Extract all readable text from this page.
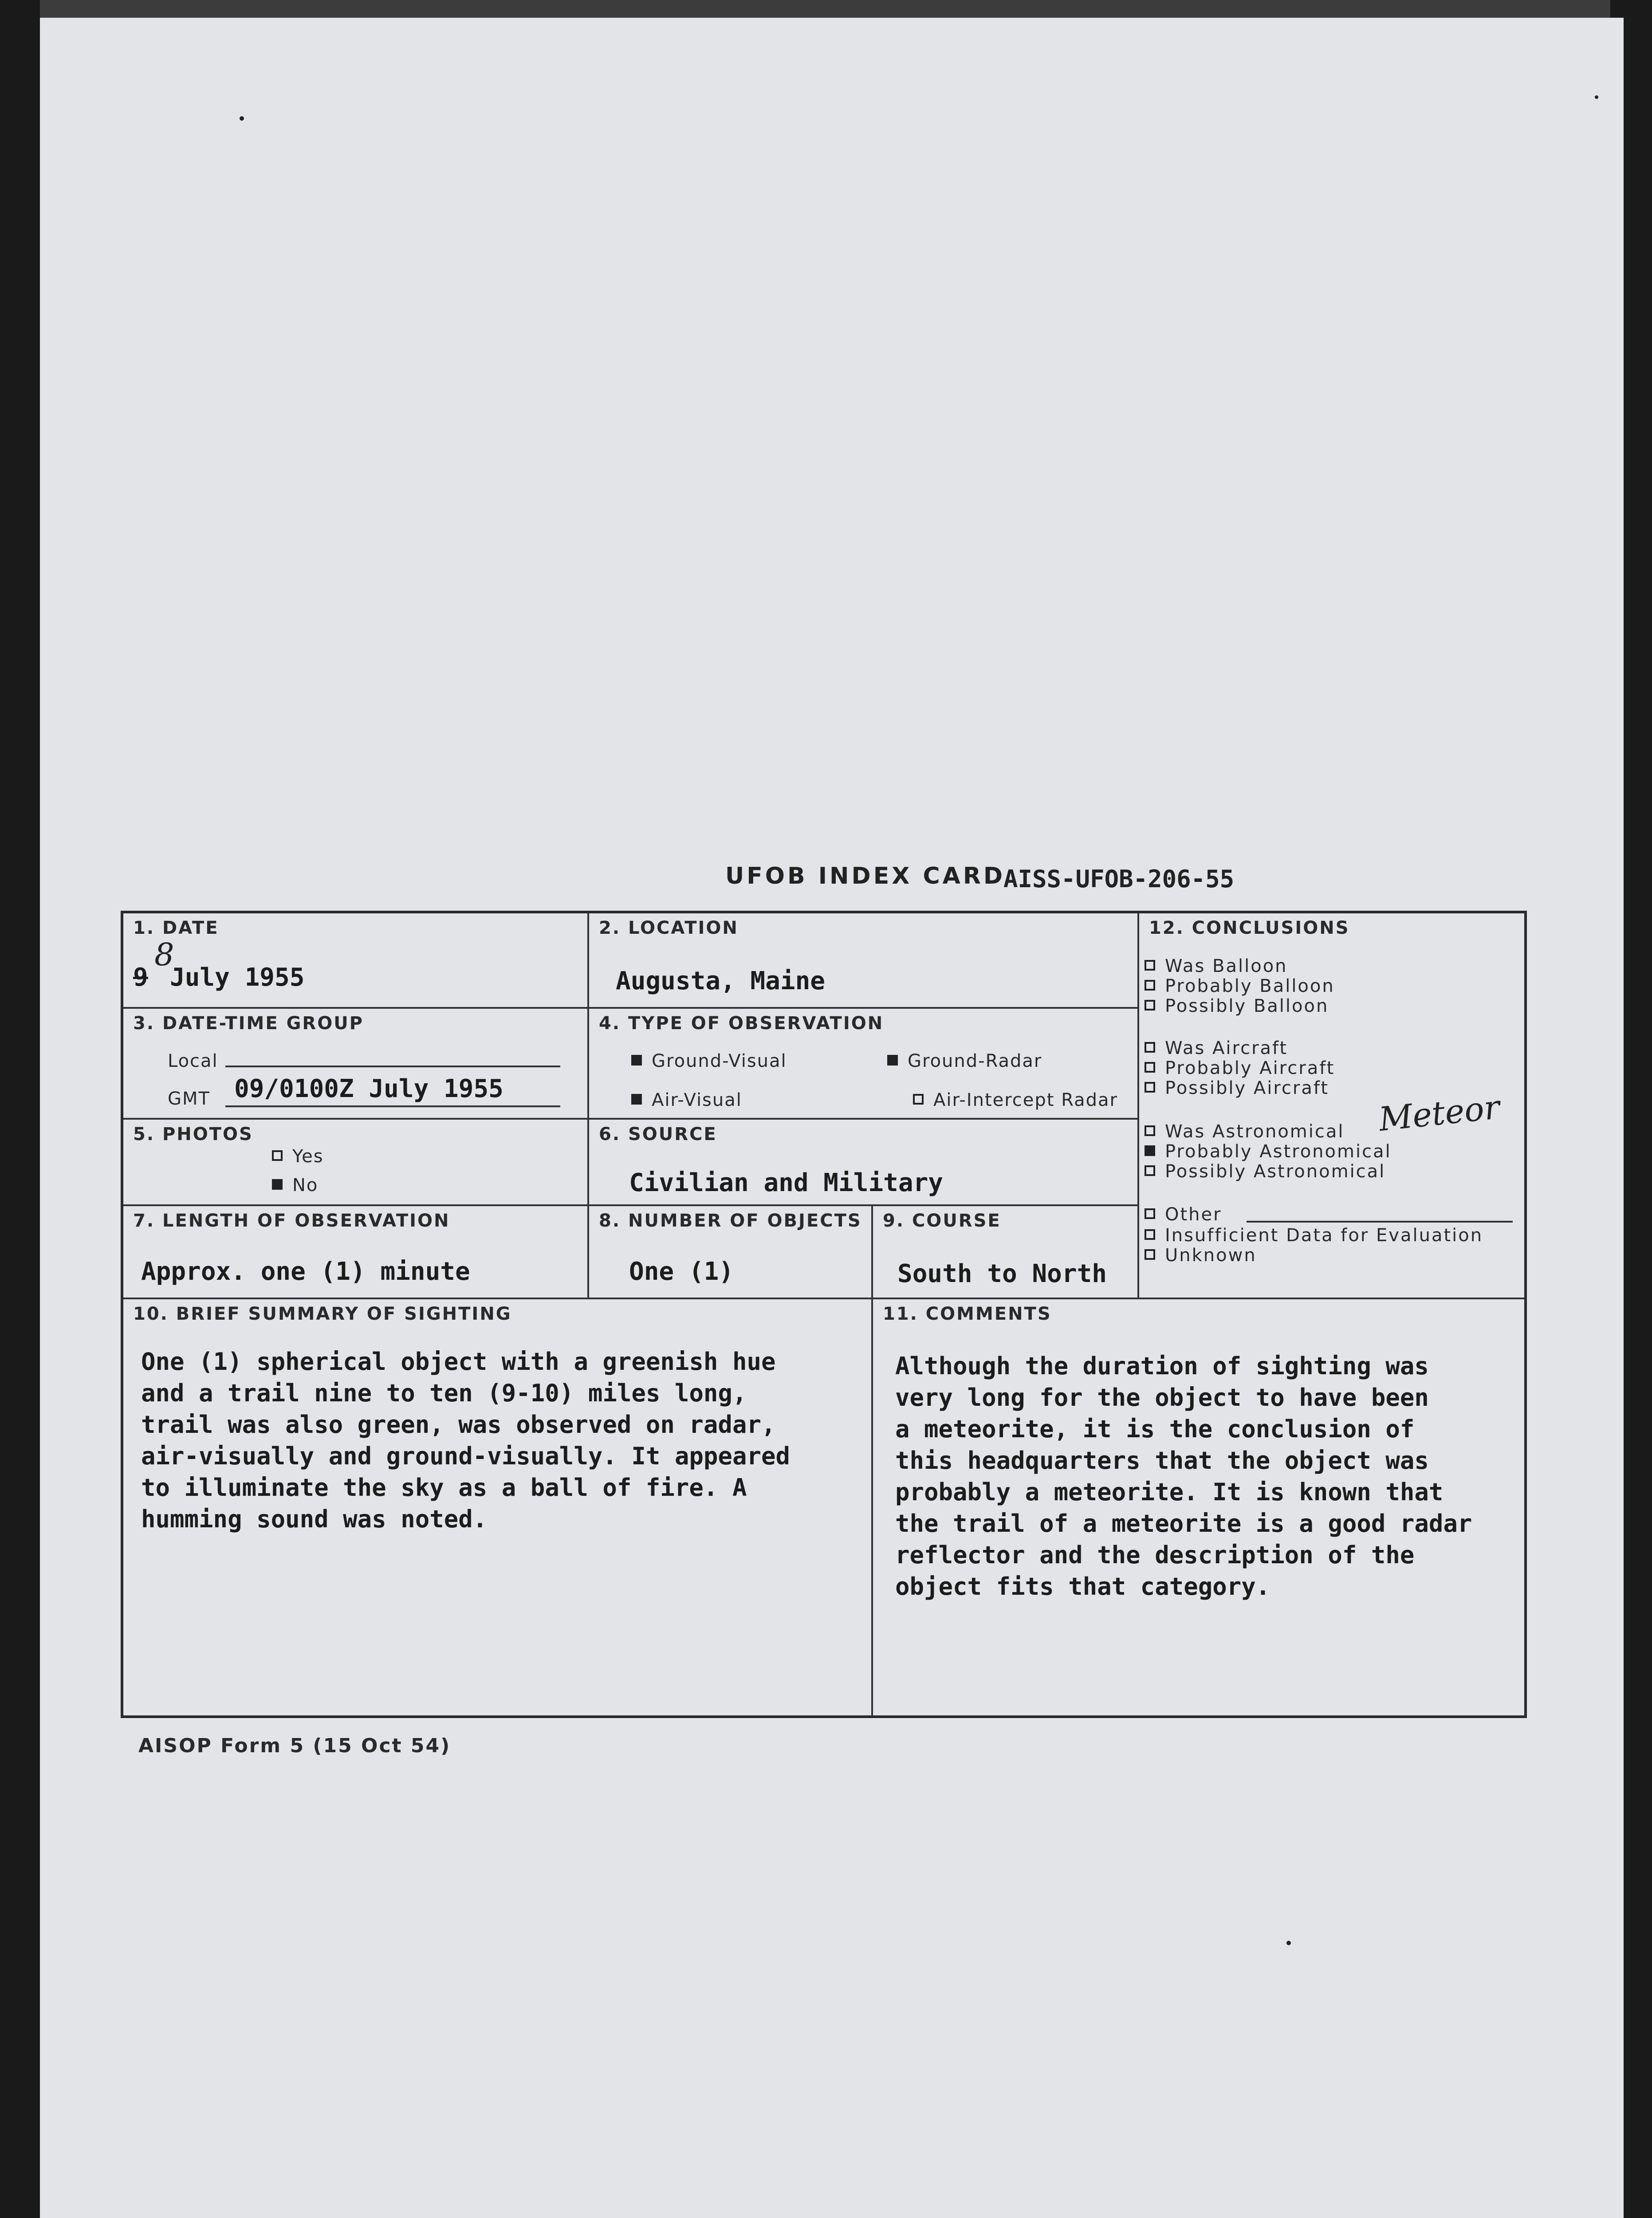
UFOB INDEX CARD
AISS-UFOB-206-55
1. DATE
9
8
July 1955
2. LOCATION
Augusta, Maine
3. DATE-TIME GROUP
Local
GMT 09/0100Z July 1955
4. TYPE OF OBSERVATION
Ground-Visual	Ground-Radar
Air-Visual	Air-Intercept Radar
5. PHOTOS
Yes
No
6. SOURCE
Civilian and Military
7. LENGTH OF OBSERVATION
Approx. one (1) minute
8. NUMBER OF OBJECTS
One (1)
9. COURSE
South to North
12. CONCLUSIONS
Meteor
10. BRIEF SUMMARY OF SIGHTING
One (1) spherical object with a greenish hue
and a trail nine to ten (9-10) miles long,
trail was also green, was observed on radar,
air-visually and ground-visually. It appeared
to illuminate the sky as a ball of fire. A
humming sound was noted.
11. COMMENTS
Although the duration of sighting was
very long for the object to have been
a meteorite, it is the conclusion of
this headquarters that the object was
probably a meteorite. It is known that
the trail of a meteorite is a good radar
reflector and the description of the
object fits that category.
Was Balloon
Probably Balloon
Possibly Balloon
Was Aircraft
Probably Aircraft
Possibly Aircraft
Was Astronomical
Probably Astronomical
Possibly Astronomical
Other
Insufficient Data for Evaluation
Unknown
AISOP Form 5 (15 Oct 54)
